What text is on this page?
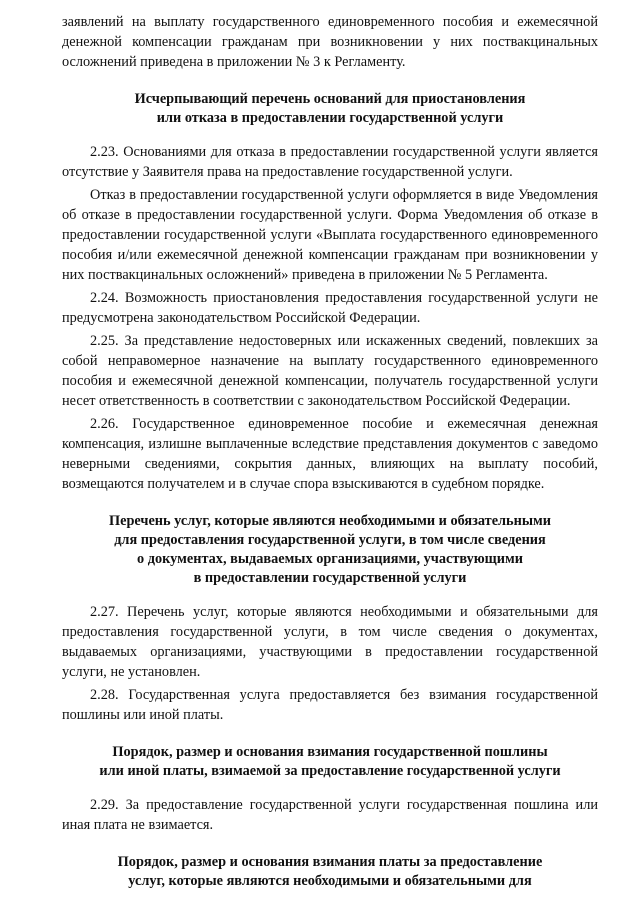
заявлений на выплату государственного единовременного пособия и ежемесячной денежной компенсации гражданам при возникновении у них поствакцинальных осложнений приведена в приложении № 3 к Регламенту.

Исчерпывающий перечень оснований для приостановления
или отказа в предоставлении государственной услуги

2.23. Основаниями для отказа в предоставлении государственной услуги является отсутствие у Заявителя права на предоставление государственной услуги.

Отказ в предоставлении государственной услуги оформляется в виде Уведомления об отказе в предоставлении государственной услуги. Форма Уведомления об отказе в предоставлении государственной услуги «Выплата государственного единовременного пособия и/или ежемесячной денежной компенсации гражданам при возникновении у них поствакцинальных осложнений» приведена в приложении № 5 Регламента.

2.24. Возможность приостановления предоставления государственной услуги не предусмотрена законодательством Российской Федерации.

2.25. За представление недостоверных или искаженных сведений, повлекших за собой неправомерное назначение на выплату государственного единовременного пособия и ежемесячной денежной компенсации, получатель государственной услуги несет ответственность в соответствии с законодательством Российской Федерации.

2.26. Государственное единовременное пособие и ежемесячная денежная компенсация, излишне выплаченные вследствие представления документов с заведомо неверными сведениями, сокрытия данных, влияющих на выплату пособий, возмещаются получателем и в случае спора взыскиваются в судебном порядке.

Перечень услуг, которые являются необходимыми и обязательными
для предоставления государственной услуги, в том числе сведения
о документах, выдаваемых организациями, участвующими
в предоставлении государственной услуги

2.27. Перечень услуг, которые являются необходимыми и обязательными для предоставления государственной услуги, в том числе сведения о документах, выдаваемых организациями, участвующими в предоставлении государственной услуги, не установлен.

2.28. Государственная услуга предоставляется без взимания государственной пошлины или иной платы.

Порядок, размер и основания взимания государственной пошлины
или иной платы, взимаемой за предоставление государственной услуги

2.29. За предоставление государственной услуги государственная пошлина или иная плата не взимается.

Порядок, размер и основания взимания платы за предоставление
услуг, которые являются необходимыми и обязательными для
